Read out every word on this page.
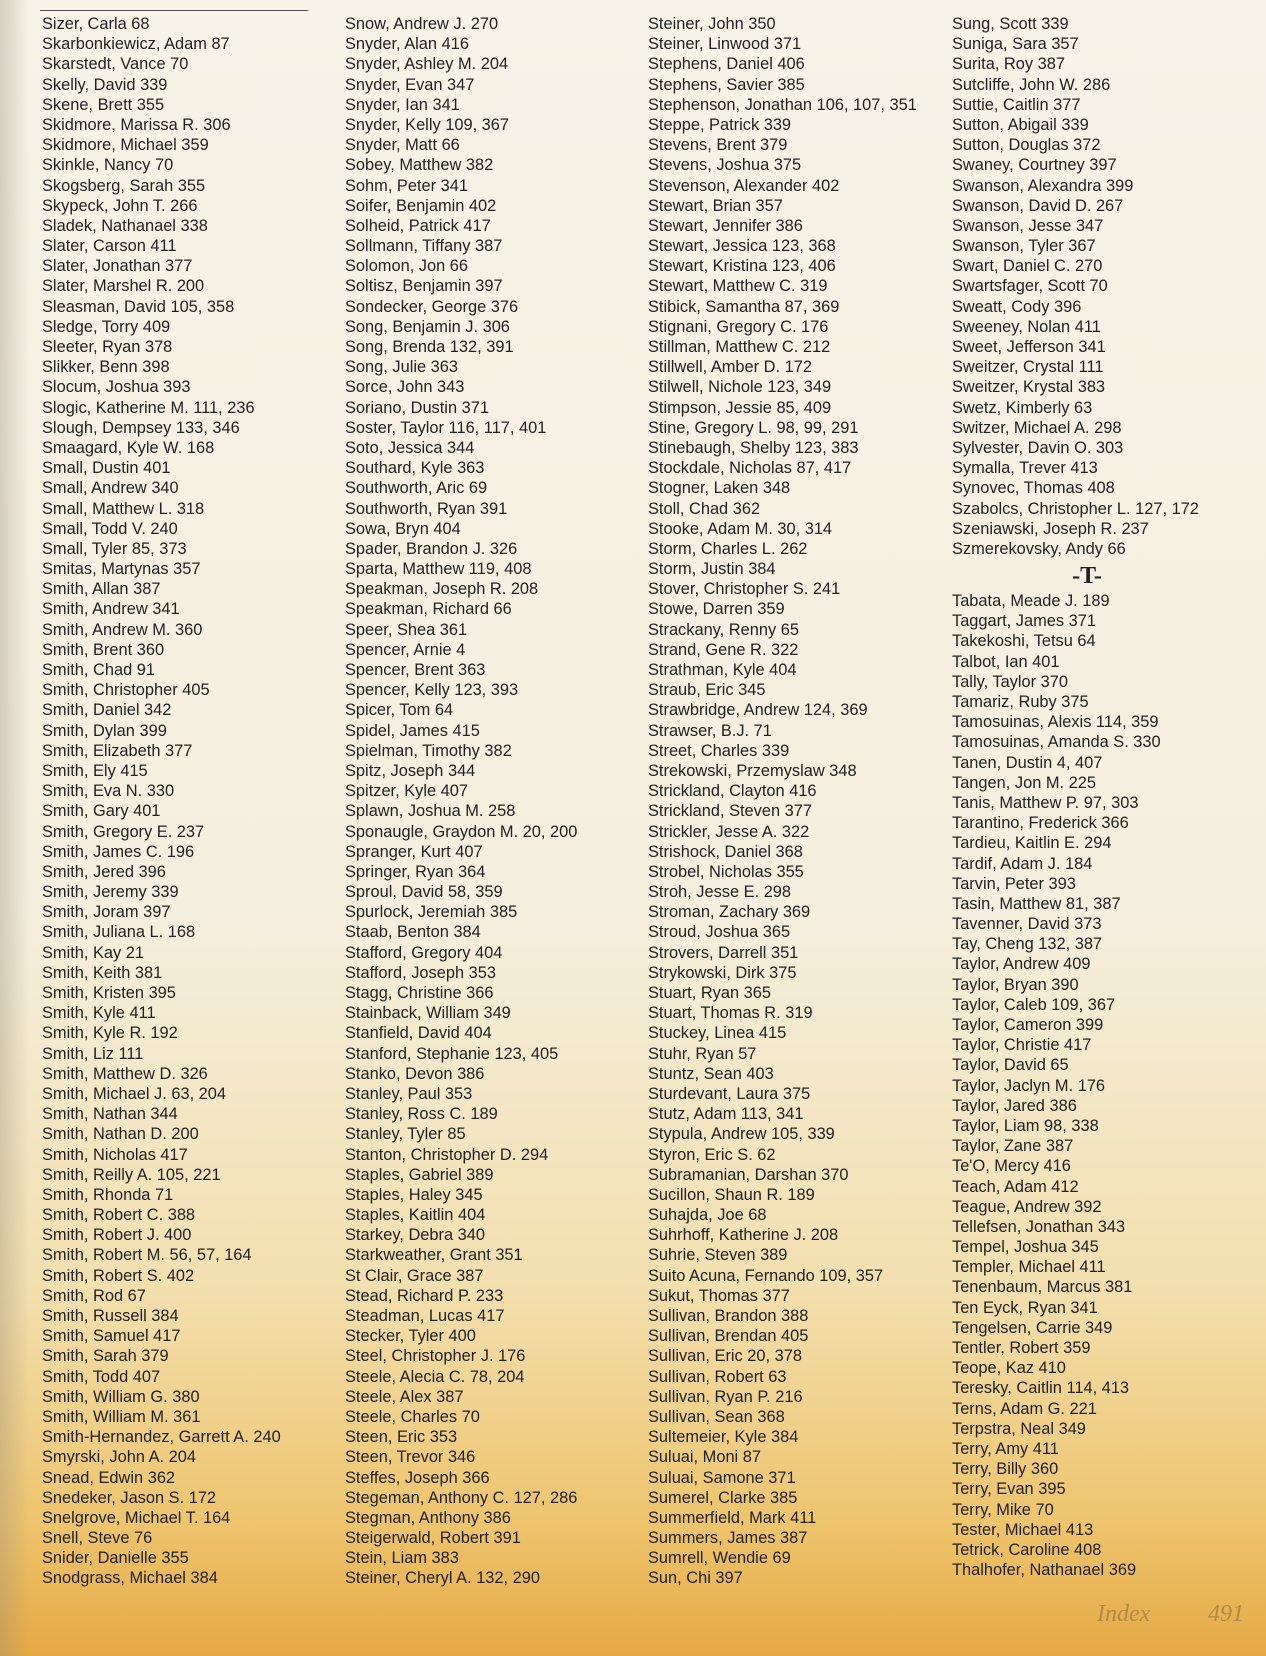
Sizer, Carla 68
Skarbonkiewicz, Adam 87
Skarstedt, Vance 70
Skelly, David 339
Skene, Brett 355
Skidmore, Marissa R. 306
Skidmore, Michael 359
Skinkle, Nancy 70
Skogsberg, Sarah 355
Skypeck, John T. 266
Sladek, Nathanael 338
Slater, Carson 411
Slater, Jonathan 377
Slater, Marshel R. 200
Sleasman, David 105, 358
Sledge, Torry 409
Sleeter, Ryan 378
Slikker, Benn 398
Slocum, Joshua 393
Slogic, Katherine M. 111, 236
Slough, Dempsey 133, 346
Smaagard, Kyle W. 168
Small, Dustin 401
Small, Andrew 340
Small, Matthew L. 318
Small, Todd V. 240
Small, Tyler 85, 373
Smitas, Martynas 357
Smith, Allan 387
Smith, Andrew 341
Smith, Andrew M. 360
Smith, Brent 360
Smith, Chad 91
Smith, Christopher 405
Smith, Daniel 342
Smith, Dylan 399
Smith, Elizabeth 377
Smith, Ely 415
Smith, Eva N. 330
Smith, Gary 401
Smith, Gregory E. 237
Smith, James C. 196
Smith, Jered 396
Smith, Jeremy 339
Smith, Joram 397
Smith, Juliana L. 168
Smith, Kay 21
Smith, Keith 381
Smith, Kristen 395
Smith, Kyle 411
Smith, Kyle R. 192
Smith, Liz 111
Smith, Matthew D. 326
Smith, Michael J. 63, 204
Smith, Nathan 344
Smith, Nathan D. 200
Smith, Nicholas 417
Smith, Reilly A. 105, 221
Smith, Rhonda 71
Smith, Robert C. 388
Smith, Robert J. 400
Smith, Robert M. 56, 57, 164
Smith, Robert S. 402
Smith, Rod 67
Smith, Russell 384
Smith, Samuel 417
Smith, Sarah 379
Smith, Todd 407
Smith, William G. 380
Smith, William M. 361
Smith-Hernandez, Garrett A. 240
Smyrski, John A. 204
Snead, Edwin 362
Snedeker, Jason S. 172
Snelgrove, Michael T. 164
Snell, Steve 76
Snider, Danielle 355
Snodgrass, Michael 384
Snow, Andrew J. 270
Snyder, Alan 416
Snyder, Ashley M. 204
Snyder, Evan 347
Snyder, Ian 341
Snyder, Kelly 109, 367
Snyder, Matt 66
Sobey, Matthew 382
Sohm, Peter 341
Soifer, Benjamin 402
Solheid, Patrick 417
Sollmann, Tiffany 387
Solomon, Jon 66
Soltisz, Benjamin 397
Sondecker, George 376
Song, Benjamin J. 306
Song, Brenda 132, 391
Song, Julie 363
Sorce, John 343
Soriano, Dustin 371
Soster, Taylor 116, 117, 401
Soto, Jessica 344
Southard, Kyle 363
Southworth, Aric 69
Southworth, Ryan 391
Sowa, Bryn 404
Spader, Brandon J. 326
Sparta, Matthew 119, 408
Speakman, Joseph R. 208
Speakman, Richard 66
Speer, Shea 361
Spencer, Arnie 4
Spencer, Brent 363
Spencer, Kelly 123, 393
Spicer, Tom 64
Spidel, James 415
Spielman, Timothy 382
Spitz, Joseph 344
Spitzer, Kyle 407
Splawn, Joshua M. 258
Sponaugle, Graydon M. 20, 200
Spranger, Kurt 407
Springer, Ryan 364
Sproul, David 58, 359
Spurlock, Jeremiah 385
Staab, Benton 384
Stafford, Gregory 404
Stafford, Joseph 353
Stagg, Christine 366
Stainback, William 349
Stanfield, David 404
Stanford, Stephanie 123, 405
Stanko, Devon 386
Stanley, Paul 353
Stanley, Ross C. 189
Stanley, Tyler 85
Stanton, Christopher D. 294
Staples, Gabriel 389
Staples, Haley 345
Staples, Kaitlin 404
Starkey, Debra 340
Starkweather, Grant 351
St Clair, Grace 387
Stead, Richard P. 233
Steadman, Lucas 417
Stecker, Tyler 400
Steel, Christopher J. 176
Steele, Alecia C. 78, 204
Steele, Alex 387
Steele, Charles 70
Steen, Eric 353
Steen, Trevor 346
Steffes, Joseph 366
Stegeman, Anthony C. 127, 286
Stegman, Anthony 386
Steigerwald, Robert 391
Stein, Liam 383
Steiner, Cheryl A. 132, 290
Steiner, John 350
Steiner, Linwood 371
Stephens, Daniel 406
Stephens, Savier 385
Stephenson, Jonathan 106, 107, 351
Steppe, Patrick 339
Stevens, Brent 379
Stevens, Joshua 375
Stevenson, Alexander 402
Stewart, Brian 357
Stewart, Jennifer 386
Stewart, Jessica 123, 368
Stewart, Kristina 123, 406
Stewart, Matthew C. 319
Stibick, Samantha 87, 369
Stignani, Gregory C. 176
Stillman, Matthew C. 212
Stillwell, Amber D. 172
Stilwell, Nichole 123, 349
Stimpson, Jessie 85, 409
Stine, Gregory L. 98, 99, 291
Stinebaugh, Shelby 123, 383
Stockdale, Nicholas 87, 417
Stogner, Laken 348
Stoll, Chad 362
Stooke, Adam M. 30, 314
Storm, Charles L. 262
Storm, Justin 384
Stover, Christopher S. 241
Stowe, Darren 359
Strackany, Renny 65
Strand, Gene R. 322
Strathman, Kyle 404
Straub, Eric 345
Strawbridge, Andrew 124, 369
Strawser, B.J. 71
Street, Charles 339
Strekowski, Przemyslaw 348
Strickland, Clayton 416
Strickland, Steven 377
Strickler, Jesse A. 322
Strishock, Daniel 368
Strobel, Nicholas 355
Stroh, Jesse E. 298
Stroman, Zachary 369
Stroud, Joshua 365
Strovers, Darrell 351
Strykowski, Dirk 375
Stuart, Ryan 365
Stuart, Thomas R. 319
Stuckey, Linea 415
Stuhr, Ryan 57
Stuntz, Sean 403
Sturdevant, Laura 375
Stutz, Adam 113, 341
Stypula, Andrew 105, 339
Styron, Eric S. 62
Subramanian, Darshan 370
Sucillon, Shaun R. 189
Suhajda, Joe 68
Suhrhoff, Katherine J. 208
Suhrie, Steven 389
Suito Acuna, Fernando 109, 357
Sukut, Thomas 377
Sullivan, Brandon 388
Sullivan, Brendan 405
Sullivan, Eric 20, 378
Sullivan, Robert 63
Sullivan, Ryan P. 216
Sullivan, Sean 368
Sultemeier, Kyle 384
Suluai, Moni 87
Suluai, Samone 371
Sumerel, Clarke 385
Summerfield, Mark 411
Summers, James 387
Sumrell, Wendie 69
Sun, Chi 397
Sung, Scott 339
Suniga, Sara 357
Surita, Roy 387
Sutcliffe, John W. 286
Suttie, Caitlin 377
Sutton, Abigail 339
Sutton, Douglas 372
Swaney, Courtney 397
Swanson, Alexandra 399
Swanson, David D. 267
Swanson, Jesse 347
Swanson, Tyler 367
Swart, Daniel C. 270
Swartsfager, Scott 70
Sweatt, Cody 396
Sweeney, Nolan 411
Sweet, Jefferson 341
Sweitzer, Crystal 111
Sweitzer, Krystal 383
Swetz, Kimberly 63
Switzer, Michael A. 298
Sylvester, Davin O. 303
Symalla, Trever 413
Synovec, Thomas 408
Szabolcs, Christopher L. 127, 172
Szeniawski, Joseph R. 237
Szmerekovsky, Andy 66
-T-
Tabata, Meade J. 189
Taggart, James 371
Takekoshi, Tetsu 64
Talbot, Ian 401
Tally, Taylor 370
Tamariz, Ruby 375
Tamosuinas, Alexis 114, 359
Tamosuinas, Amanda S. 330
Tanen, Dustin 4, 407
Tangen, Jon M. 225
Tanis, Matthew P. 97, 303
Tarantino, Frederick 366
Tardieu, Kaitlin E. 294
Tardif, Adam J. 184
Tarvin, Peter 393
Tasin, Matthew 81, 387
Tavenner, David 373
Tay, Cheng 132, 387
Taylor, Andrew 409
Taylor, Bryan 390
Taylor, Caleb 109, 367
Taylor, Cameron 399
Taylor, Christie 417
Taylor, David 65
Taylor, Jaclyn M. 176
Taylor, Jared 386
Taylor, Liam 98, 338
Taylor, Zane 387
Te'O, Mercy 416
Teach, Adam 412
Teague, Andrew 392
Tellefsen, Jonathan 343
Tempel, Joshua 345
Templer, Michael 411
Tenenbaum, Marcus 381
Ten Eyck, Ryan 341
Tengelsen, Carrie 349
Tentler, Robert 359
Teope, Kaz 410
Teresky, Caitlin 114, 413
Terns, Adam G. 221
Terpstra, Neal 349
Terry, Amy 411
Terry, Billy 360
Terry, Evan 395
Terry, Mike 70
Tester, Michael 413
Tetrick, Caroline 408
Thalhofer, Nathanael 369
Index 491
